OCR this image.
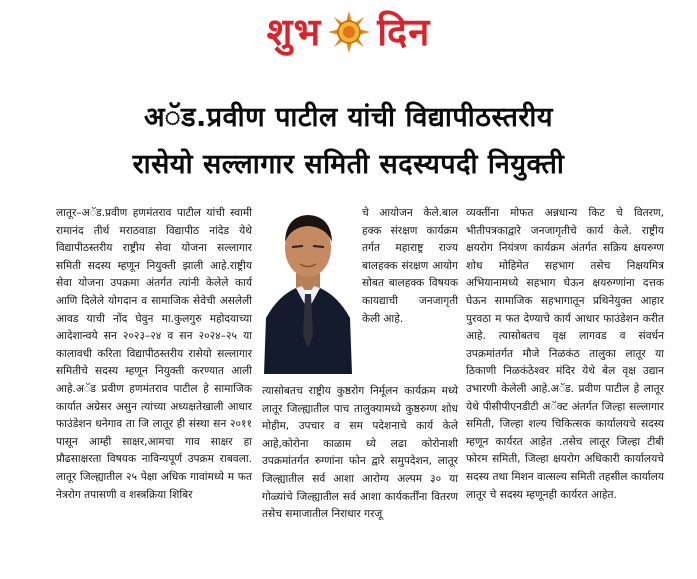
शुभ दिन
अॅड.प्रवीण पाटील यांची विद्यापीठस्तरीय
रासेयो सल्लागार समिती सदस्यपदी नियुक्ती

लातूर–अॅड.प्रवीण हणमंतराव पाटील यांची स्वामी रामानंद तीर्थ मराठवाडा विद्यापीठ नांदेड येथे विद्यापीठस्तरीय राष्ट्रीय सेवा योजना सल्लागार समिती सदस्य म्हणून नियुक्ती झाली आहे.राष्ट्रीय सेवा योजना उपक्रमा अंतर्गत त्यांनी केलेले कार्य आणि दिलेले योगदान व सामाजिक सेवेची असलेली आवड याची नोंद घेवुन मा.कुलगुरु महोदयाच्या आदेशान्वये सन २०२३–२४ व सन २०२४–२५ या कालावधी करिता विद्यापीठस्तरीय रासेयो सल्लागार समितीचे सदस्य म्हणून नियुक्ती करण्यात आली आहे.अॅड प्रवीण हणमंतराव पाटील हे सामाजिक कार्यात अग्रेसर असुन त्यांच्या अध्यक्षतेखाली आधार फाउंडेशन धनेगाव ता जि लातूर ही संस्था सन २०११ पासून आम्ही साक्षर,आमचा गाव साक्षर हा प्रौढसाक्षरता विषयक नाविन्यपूर्ण उपक्रम राबवला. लातूर जिल्ह्यातील २५ पेक्षा अधिक गावांमध्ये म फत नेत्ररोग तपासणी व शस्त्रक्रिया शिबिर

चे आयोजन केले.बाल हक्क संरक्षण कार्यक्रम तर्गत महाराष्ट्र राज्य बालहक्क संरक्षण आयोग सोबत बालहक्क विषयक कायद्याची जनजागृती केली आहे.

त्यासोबतच राष्ट्रीय कुष्ठरोग निर्मूलन कार्यक्रम मध्ये लातूर जिल्ह्यातील पाच तालुक्यामध्ये कुष्ठरुग्ण शोध मोहीम, उपचार व सम पदेशनाचे कार्य केले आहे,कोरोना काळाम ध्ये लढा कोरोनाशी उपक्रमांतर्गत रुग्णांना फोन द्वारे समुपदेशन, लातूर जिल्ह्यातील सर्व आशा आरोग्य अल्पम ३० या गोळ्यांचे जिल्ह्यातील सर्व आशा कार्यकर्तींना वितरण तसेच समाजातील निराधार गरजू

व्यक्तींना मोफत अन्नधान्य किट चे वितरण, भीतीपत्रकाद्वारे जनजागृतीचे कार्य केले. राष्ट्रीय क्षयरोग नियंत्रण कार्यक्रम अंतर्गत सक्रिय क्षयरुग्ण शोध मोहिमेत सहभाग तसेच निक्षयमित्र अभियानामध्ये सहभाग घेऊन क्षयरुग्णांना दत्तक घेऊन सामाजिक सहभागातून प्रथिनेयुक्त आहार पुरवठा म फत देण्याचे कार्य आधार फाउंडेशन करीत आहे. त्यासोबतच वृक्ष लागवड व संवर्धन उपक्रमांतर्गत मौजे निळकंठ तालुका लातूर या ठिकाणी निळकंठेश्वर मंदिर येथे बेल वृक्ष उद्यान उभारणी केलेली आहे.अॅड. प्रवीण पाटील हे लातूर येथे पीसीपीएनडीटी अॅक्ट अंतर्गत जिल्हा सल्लागार समिती, जिल्हा शल्य चिकित्सक कार्यालयचे सदस्य म्हणून कार्यरत आहेत .तसेच लातूर जिल्हा टीबी फोरम समिती, जिल्हा क्षयरोग अधिकारी कार्यालयचे सदस्य तथा मिशन वात्सल्य समिती तहसील कार्यालय लातूर चे सदस्य म्हणूनही कार्यरत आहेत.
